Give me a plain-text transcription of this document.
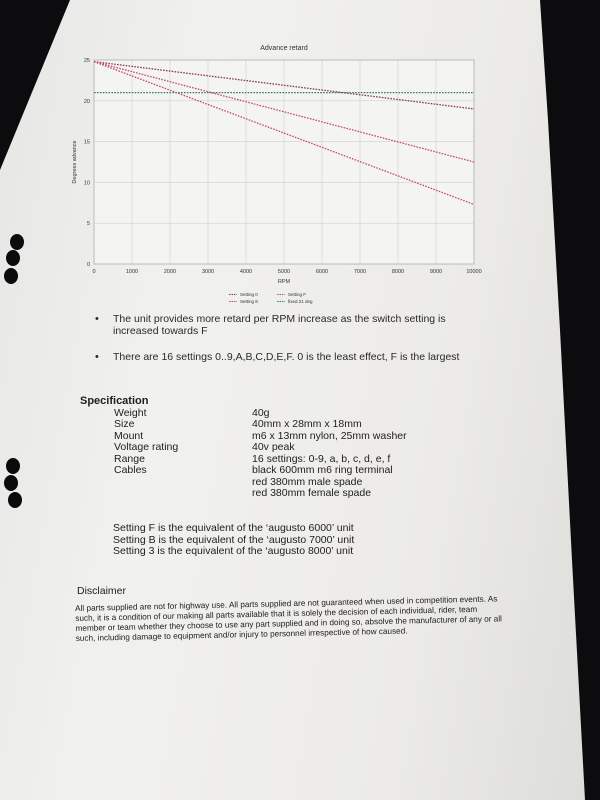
Advance retard
0	1000	2000	3000	4000	5000	6000	7000	8000	9000	10000
0
5
10
15
20
25
RPM
Degrees advance
Setting 0
Setting 8
Setting F
fixed 21 deg
•	The unit provides more retard per RPM increase as the switch setting is increased towards F
•	There are 16 settings 0..9,A,B,C,D,E,F. 0 is the least effect, F is the largest
Specification
Weight	40g
Size	40mm x 28mm x 18mm
Mount	m6 x 13mm nylon, 25mm washer
Voltage rating	40v peak
Range	16 settings: 0-9, a, b, c, d, e, f
Cables	black 600mm m6 ring terminal
red 380mm male spade
red 380mm female spade
Setting F is the equivalent of the ‘augusto 6000’ unit
Setting B is the equivalent of the ‘augusto 7000’ unit
Setting 3 is the equivalent of the ‘augusto 8000’ unit
Disclaimer
All parts supplied are not for highway use. All parts supplied are not guaranteed when used in competition events. As such, it is a condition of our making all parts available that it is solely the decision of each individual, rider, team member or team whether they choose to use any part supplied and in doing so, absolve the manufacturer of any or all such, including damage to equipment and/or injury to personnel irrespective of how caused.
